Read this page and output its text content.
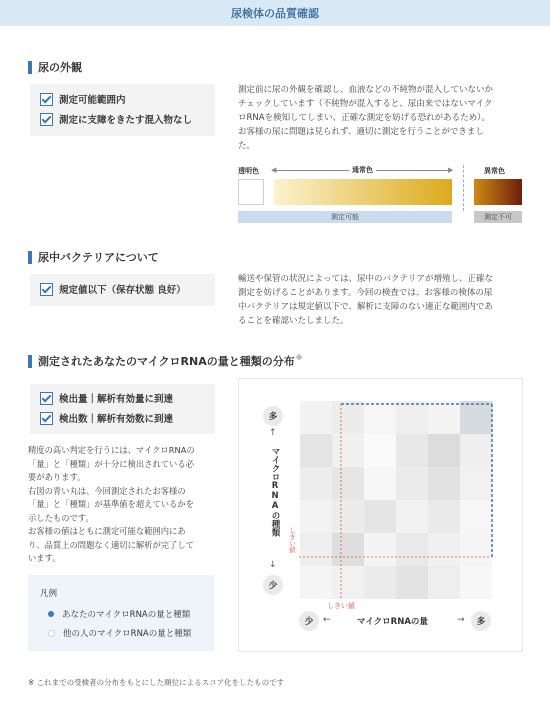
尿検体の品質確認
尿の外観
測定可能範囲内
測定に支障をきたす混入物なし
測定前に尿の外観を確認し、血液などの不純物が混入していないか
チェックしています（不純物が混入すると、尿由来ではないマイク
ロRNAを検知してしまい、正確な測定を妨げる恐れがあるため）。
お客様の尿に問題は見られず、適切に測定を行うことができまし
た。
透明色 ◀	▶
通常色	異常色
測定可能	測定不可
尿中バクテリアについて
規定値以下（保存状態 良好）
輸送や保管の状況によっては、尿中のバクテリアが増殖し、正確な
測定を妨げることがあります。今回の検査では、お客様の検体の尿
中バクテリアは規定値以下で、解析に支障のない適正な範囲内であ
ることを確認いたしました。
測定されたあなたのマイクロRNAの量と種類の分布 ※
検出量｜解析有効量に到達
検出数｜解析有効数に到達
精度の高い判定を行うには、マイクロRNAの
「量」と「種類」が十分に検出されている必
要があります。
右図の青い丸は、今回測定されたお客様の
「量」と「種類」が基準値を超えているかを
示したものです。
お客様の値はともに測定可能な範囲内にあ
り、品質上の問題なく適切に解析が完了して
います。
凡例
あなたのマイクロRNAの量と種類
他の人のマイクロRNAの量と種類
多
↑
マイクロRNAの種類
↓
少
しきい値
しきい値
少	←	マイクロRNAの量	→	多
※ これまでの受検者の分布をもとにした順位によるスコア化をしたものです
